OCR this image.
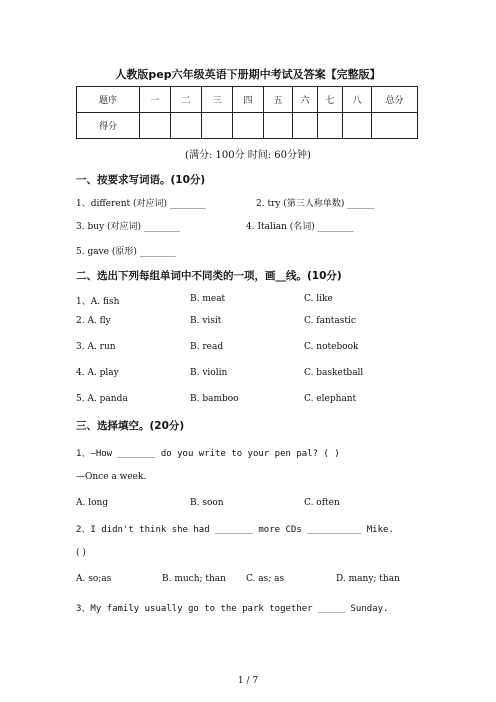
人教版pep六年级英语下册期中考试及答案【完整版】
题序	一	二	三	四	五	六	七	八	总分
得分									
(满分: 100分 时间: 60分钟)
一、按要求写词语。(10分)
1、different (对应词) ________	2. try (第三人称单数) ______
3. buy (对应词) ________	4. Italian (名词) ________
5. gave (原形) ________
二、选出下列每组单词中不同类的一项，画__线。(10分)
1、A. fish	B. meat	C. like
2. A. fly	B. visit	C. fantastic
3. A. run	B. read	C. notebook
4. A. play	B. violin	C. basketball
5. A. panda	B. bamboo	C. elephant
三、选择填空。(20分)
1、—How _______ do you write to your pen pal? ( )
—Once a week.
A. long	B. soon	C. often
2、I didn't think she had _______ more CDs __________ Mike.
( )
A. so;as	B. much; than C. as; as	D. many; than
3、My family usually go to the park together _____ Sunday.
1 / 7
